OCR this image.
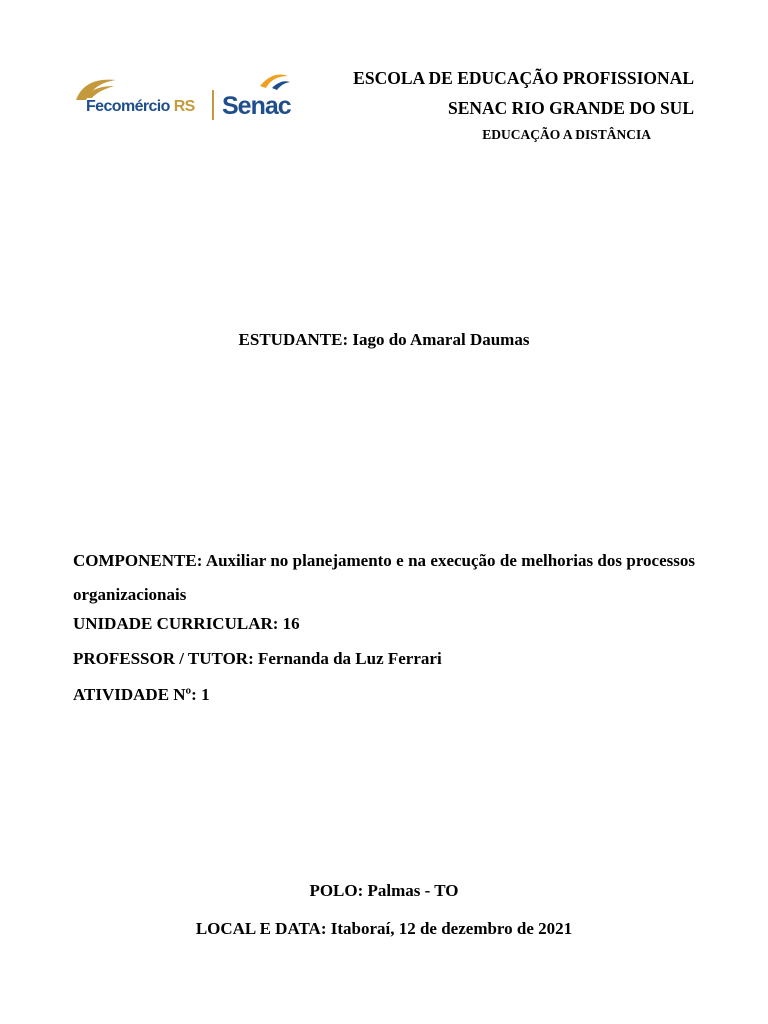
Fecomércio RS Senac
ESCOLA DE EDUCAÇÃO PROFISSIONAL
SENAC RIO GRANDE DO SUL
EDUCAÇÃO A DISTÂNCIA
ESTUDANTE: Iago do Amaral Daumas
COMPONENTE: Auxiliar no planejamento e na execução de melhorias dos processos organizacionais
UNIDADE CURRICULAR: 16
PROFESSOR / TUTOR: Fernanda da Luz Ferrari
ATIVIDADE Nº: 1
POLO: Palmas - TO
LOCAL E DATA: Itaboraí, 12 de dezembro de 2021
